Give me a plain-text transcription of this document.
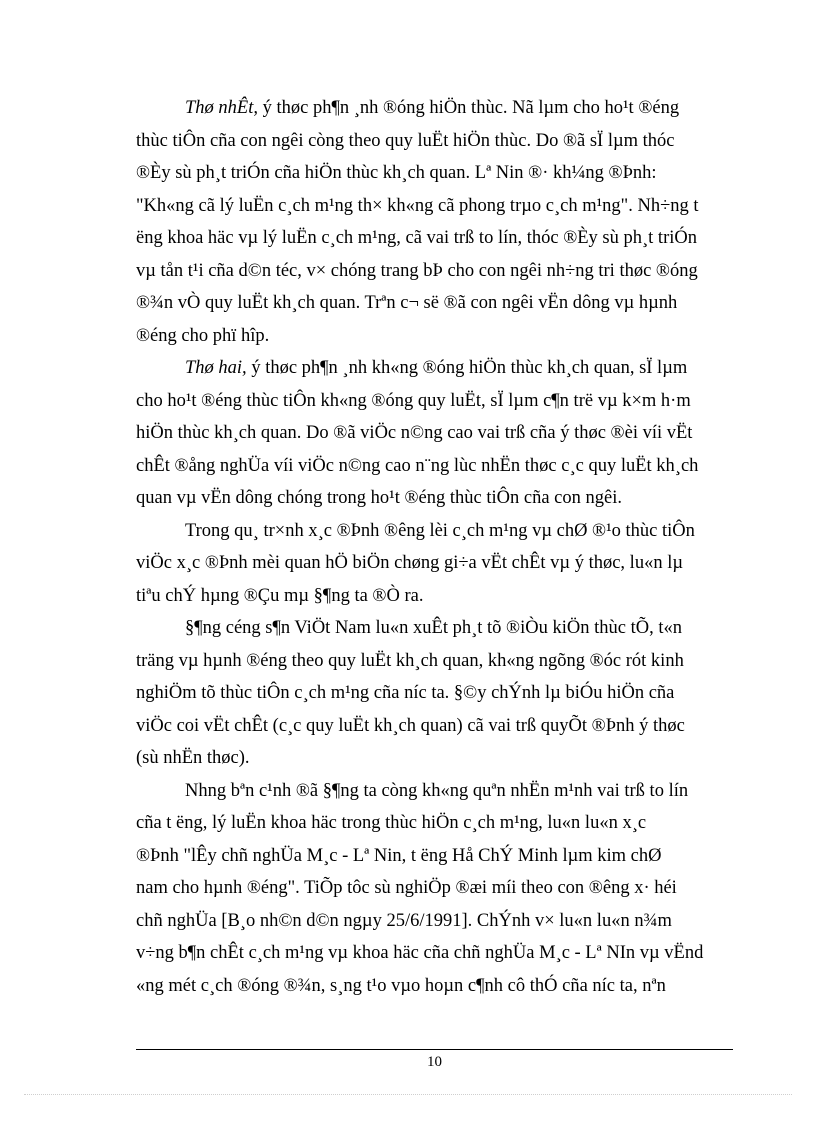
Thø nhÊt, ý thøc ph¶n ¸nh ®óng hiÖn thùc. Nã lµm cho ho¹t ®éng
thùc tiÔn cña con ngêi còng theo quy luËt hiÖn thùc. Do ®ã sÏ lµm thóc
®Èy sù ph¸t triÓn cña hiÖn thùc kh¸ch quan. Lª Nin ®· kh¼ng ®Þnh:
"Kh«ng cã lý luËn c¸ch m¹ng th× kh«ng cã phong trµo c¸ch m¹ng". Nh÷ng t
ëng khoa häc vµ lý luËn c¸ch m¹ng, cã vai trß to lín, thóc ®Èy sù ph¸t triÓn
vµ tån t¹i cña d©n téc, v× chóng trang bÞ cho con ngêi nh÷ng tri thøc ®óng
®¾n vÒ quy luËt kh¸ch quan. Trªn c¬ së ®ã con ngêi vËn dông vµ hµnh
®éng cho phï hîp.

Thø hai, ý thøc ph¶n ¸nh kh«ng ®óng hiÖn thùc kh¸ch quan, sÏ lµm
cho ho¹t ®éng thùc tiÔn kh«ng ®óng quy luËt, sÏ lµm c¶n trë vµ k×m h·m
hiÖn thùc kh¸ch quan. Do ®ã viÖc n©ng cao vai trß cña ý thøc ®èi víi vËt
chÊt ®ång nghÜa víi viÖc n©ng cao n¨ng lùc nhËn thøc c¸c quy luËt kh¸ch
quan vµ vËn dông chóng trong ho¹t ®éng thùc tiÔn cña con ngêi.

Trong qu¸ tr×nh x¸c ®Þnh ®êng lèi c¸ch m¹ng vµ chØ ®¹o thùc tiÔn
viÖc x¸c ®Þnh mèi quan hÖ biÖn chøng gi÷a vËt chÊt vµ ý thøc, lu«n lµ
tiªu chÝ hµng ®Çu mµ §¶ng ta ®Ò ra.

§¶ng céng s¶n ViÖt Nam lu«n xuÊt ph¸t tõ ®iÒu kiÖn thùc tÕ, t«n
träng vµ hµnh ®éng theo quy luËt kh¸ch quan, kh«ng ngõng ®óc rót kinh
nghiÖm tõ thùc tiÔn c¸ch m¹ng cña níc ta. §©y chÝnh lµ biÓu hiÖn cña
viÖc coi vËt chÊt (c¸c quy luËt kh¸ch quan) cã vai trß quyÕt ®Þnh ý thøc
(sù nhËn thøc).

Nhng bªn c¹nh ®ã §¶ng ta còng kh«ng quªn nhËn m¹nh vai trß to lín
cña t ëng, lý luËn khoa häc trong thùc hiÖn c¸ch m¹ng, lu«n lu«n x¸c
®Þnh "lÊy chñ nghÜa M¸c - Lª Nin, t ëng Hå ChÝ Minh lµm kim chØ
nam cho hµnh ®éng". TiÕp tôc sù nghiÖp ®æi míi theo con ®êng x· héi
chñ nghÜa [B¸o nh©n d©n ngµy 25/6/1991]. ChÝnh v× lu«n lu«n n¾m
v÷ng b¶n chÊt c¸ch m¹ng vµ khoa häc cña chñ nghÜa M¸c - Lª NIn vµ vËnd
«ng mét c¸ch ®óng ®¾n, s¸ng t¹o vµo hoµn c¶nh cô thÓ cña níc ta, nªn

10
